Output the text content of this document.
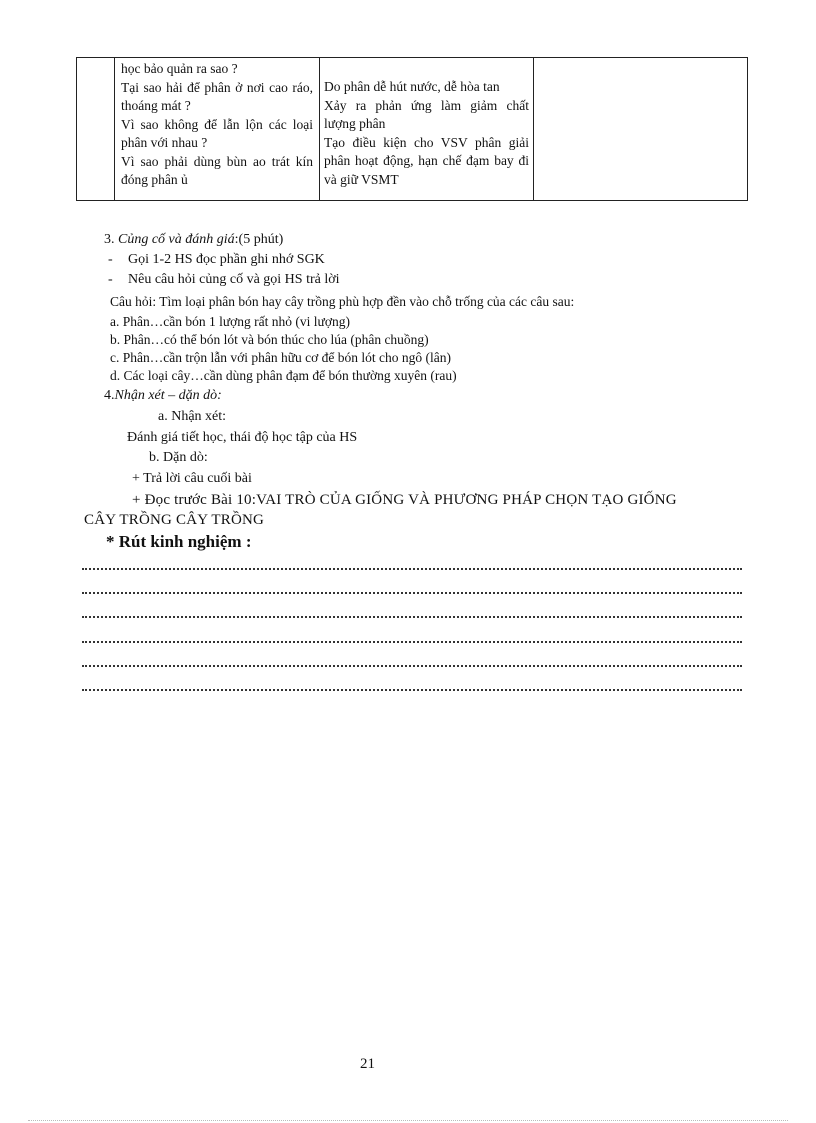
học bảo quản ra sao ?
Tại sao hải để phân ở nơi cao ráo, thoáng mát ?
Vì sao không để lẫn lộn các loại phân với nhau ?
Vì sao phải dùng bùn ao trát kín đóng phân ủ

Do phân dễ hút nước, dễ hòa tan
Xảy ra phản ứng làm giảm chất lượng phân
Tạo điều kiện cho VSV phân giải phân hoạt động, hạn chế đạm bay đi và giữ VSMT

3. Củng cố và đánh giá:(5 phút)
- Gọi 1-2 HS đọc phần ghi nhớ SGK
- Nêu câu hỏi củng cố và gọi HS trả lời
Câu hỏi: Tìm loại phân bón hay cây trồng phù hợp đền vào chỗ trống của các câu sau:
a. Phân…cần bón 1 lượng rất nhỏ (vi lượng)
b. Phân…có thể bón lót và bón thúc cho lúa (phân chuồng)
c. Phân…cần trộn lẫn với phân hữu cơ để bón lót cho ngô (lân)
d. Các loại cây…cần dùng phân đạm để bón thường xuyên (rau)
4.Nhận xét – dặn dò:
a. Nhận xét:
Đánh giá tiết học, thái độ học tập của HS
b. Dặn dò:
+ Trả lời câu cuối bài
+ Đọc trước Bài 10:VAI TRÒ CỦA GIỐNG VÀ PHƯƠNG PHÁP CHỌN TẠO GIỐNG
CÂY TRỒNG CÂY TRỒNG
* Rút kinh nghiệm :
21
